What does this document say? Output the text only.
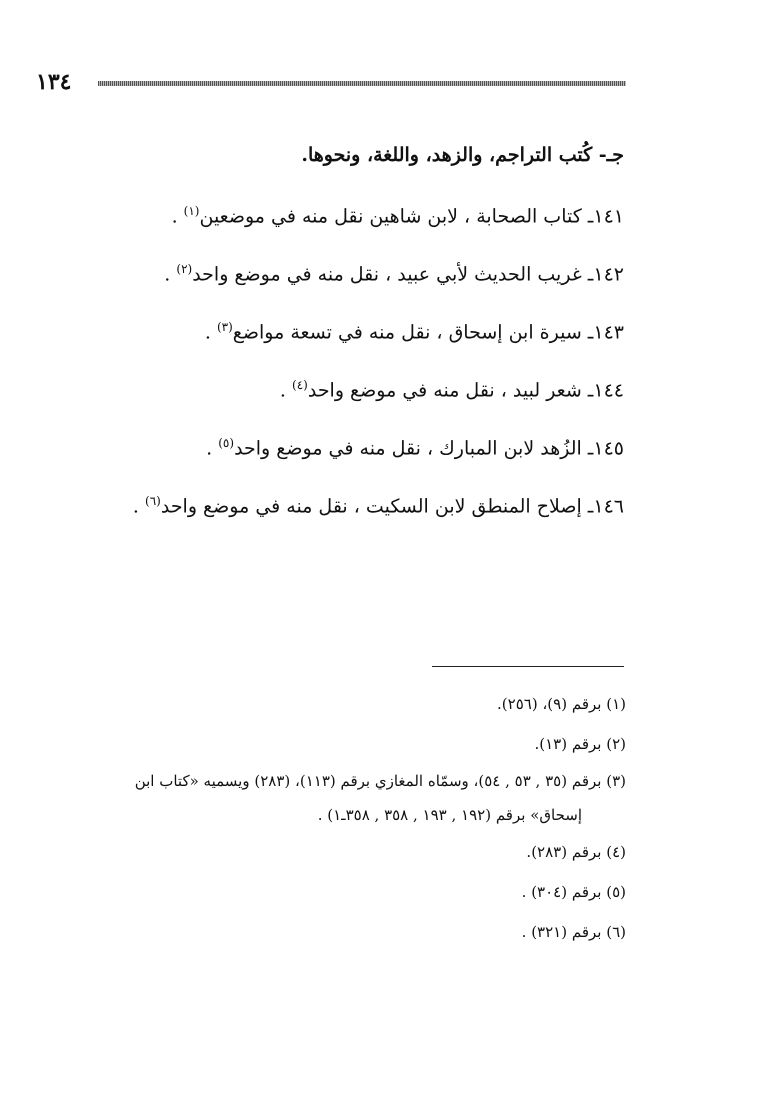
١٣٤
جـ- كُتب التراجم، والزهد، واللغة، ونحوها.
١٤١ـ كتاب الصحابة ، لابن شاهين نقل منه في موضعين$^{(١)}$ .
١٤٢ـ غريب الحديث لأبي عبيد ، نقل منه في موضع واحد$^{(٢)}$ .
١٤٣ـ سيرة ابن إسحاق ، نقل منه في تسعة مواضع$^{(٣)}$ .
١٤٤ـ شعر لبيد ، نقل منه في موضع واحد$^{(٤)}$ .
١٤٥ـ الزُهد لابن المبارك ، نقل منه في موضع واحد$^{(٥)}$ .
١٤٦ـ إصلاح المنطق لابن السكيت ، نقل منه في موضع واحد$^{(٦)}$ .
(١) برقم (٩)، (٢٥٦).
(٢) برقم (١٣).
(٣) برقم (٣٥ , ٥٣ , ٥٤)، وسمّاه المغازي برقم (١١٣)، (٢٨٣) ويسميه «كتاب ابن
إسحاق» برقم (١٩٢ , ١٩٣ , ٣٥٨ , ٣٥٨ـ١) .
(٤) برقم (٢٨٣).
(٥) برقم (٣٠٤) .
(٦) برقم (٣٢١) .
